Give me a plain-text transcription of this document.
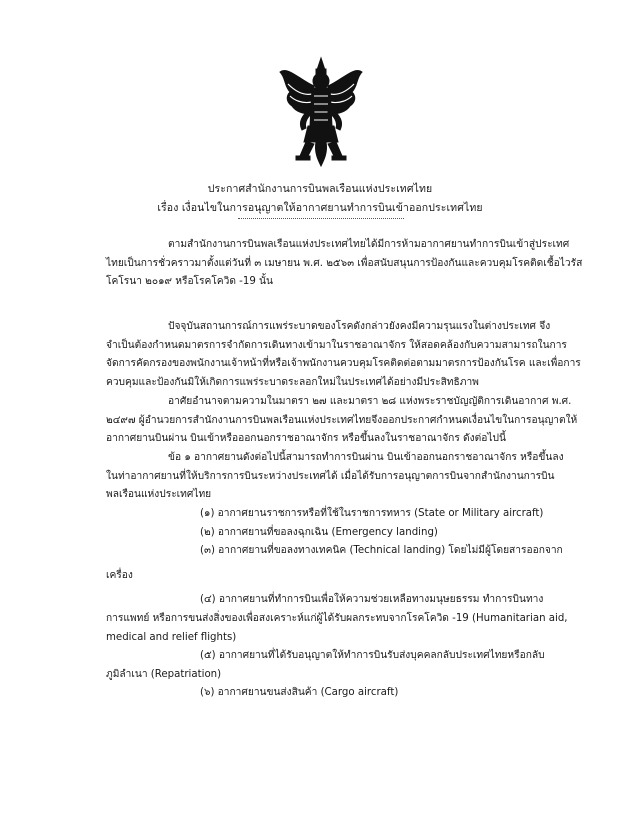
ประกาศสำนักงานการบินพลเรือนแห่งประเทศไทย
เรื่อง เงื่อนไขในการอนุญาตให้อากาศยานทำการบินเข้าออกประเทศไทย
ตามสำนักงานการบินพลเรือนแห่งประเทศไทยได้มีการห้ามอากาศยานทำการบินเข้าสู่ประเทศ
ไทยเป็นการชั่วคราวมาตั้งแต่วันที่ ๓ เมษายน พ.ศ. ๒๕๖๓ เพื่อสนับสนุนการป้องกันและควบคุมโรคติดเชื้อไวรัส
โคโรนา ๒๐๑๙ หรือโรคโควิด -19 นั้น
ปัจจุบันสถานการณ์การแพร่ระบาดของโรคดังกล่าวยังคงมีความรุนแรงในต่างประเทศ จึง
จำเป็นต้องกำหนดมาตรการจำกัดการเดินทางเข้ามาในราชอาณาจักร ให้สอดคล้องกับความสามารถในการ
จัดการคัดกรองของพนักงานเจ้าหน้าที่หรือเจ้าพนักงานควบคุมโรคติดต่อตามมาตรการป้องกันโรค และเพื่อการ
ควบคุมและป้องกันมิให้เกิดการแพร่ระบาดระลอกใหม่ในประเทศได้อย่างมีประสิทธิภาพ
อาศัยอำนาจตามความในมาตรา ๒๗ และมาตรา ๒๘ แห่งพระราชบัญญัติการเดินอากาศ พ.ศ.
๒๔๙๗ ผู้อำนวยการสำนักงานการบินพลเรือนแห่งประเทศไทยจึงออกประกาศกำหนดเงื่อนไขในการอนุญาตให้
อากาศยานบินผ่าน บินเข้าหรือออกนอกราชอาณาจักร หรือขึ้นลงในราชอาณาจักร ดังต่อไปนี้
ข้อ ๑ อากาศยานดังต่อไปนี้สามารถทำการบินผ่าน บินเข้าออกนอกราชอาณาจักร หรือขึ้นลง
ในท่าอากาศยานที่ให้บริการการบินระหว่างประเทศได้ เมื่อได้รับการอนุญาตการบินจากสำนักงานการบิน
พลเรือนแห่งประเทศไทย
(๑) อากาศยานราชการหรือที่ใช้ในราชการทหาร (State or Military aircraft)
(๒) อากาศยานที่ขอลงฉุกเฉิน (Emergency landing)
(๓) อากาศยานที่ขอลงทางเทคนิค (Technical landing) โดยไม่มีผู้โดยสารออกจาก
เครื่อง
(๔) อากาศยานที่ทำการบินเพื่อให้ความช่วยเหลือทางมนุษยธรรม ทำการบินทาง
การแพทย์ หรือการขนส่งสิ่งของเพื่อสงเคราะห์แก่ผู้ได้รับผลกระทบจากโรคโควิด -19 (Humanitarian aid,
medical and relief flights)
(๕) อากาศยานที่ได้รับอนุญาตให้ทำการบินรับส่งบุคคลกลับประเทศไทยหรือกลับ
ภูมิลำเนา (Repatriation)
(๖) อากาศยานขนส่งสินค้า (Cargo aircraft)
